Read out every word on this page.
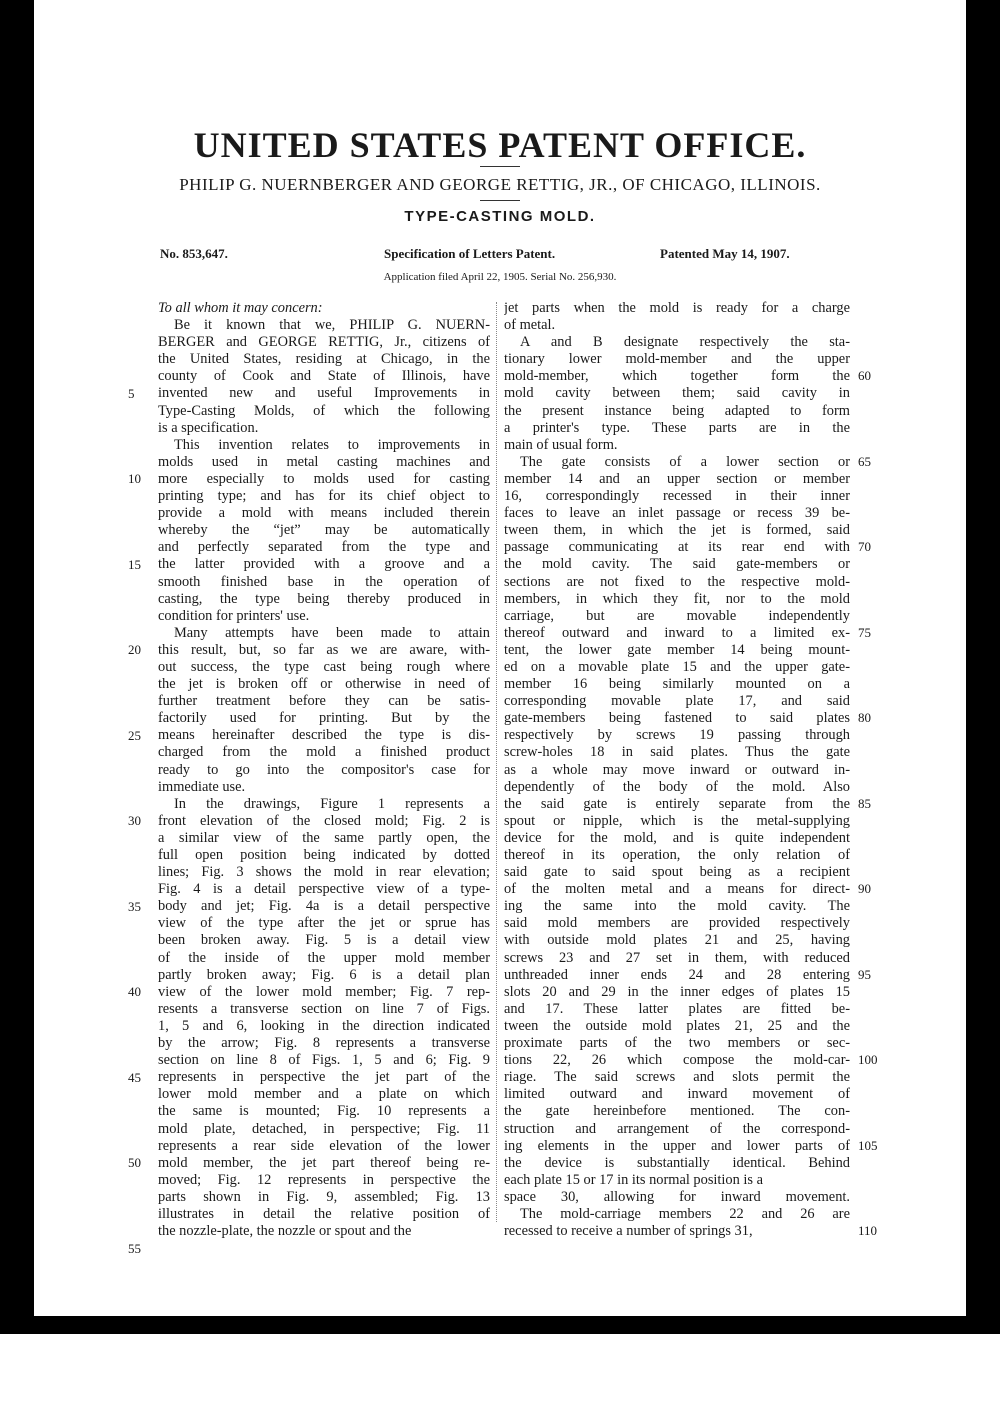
UNITED STATES PATENT OFFICE.
PHILIP G. NUERNBERGER AND GEORGE RETTIG, JR., OF CHICAGO, ILLINOIS.
TYPE-CASTING MOLD.
No. 853,647.	Specification of Letters Patent.	Patented May 14, 1907.
Application filed April 22, 1905. Serial No. 256,930.
To all whom it may concern:
Be it known that we, PHILIP G. NUERN-
BERGER and GEORGE RETTIG, Jr., citizens of
the United States, residing at Chicago, in the
county of Cook and State of Illinois, have
invented new and useful Improvements in
Type-Casting Molds, of which the following
is a specification.
This invention relates to improvements in
molds used in metal casting machines and
more especially to molds used for casting
printing type; and has for its chief object to
provide a mold with means included therein
whereby the “jet” may be automatically
and perfectly separated from the type and
the latter provided with a groove and a
smooth finished base in the operation of
casting, the type being thereby produced in
condition for printers' use.
Many attempts have been made to attain
this result, but, so far as we are aware, with-
out success, the type cast being rough where
the jet is broken off or otherwise in need of
further treatment before they can be satis-
factorily used for printing. But by the
means hereinafter described the type is dis-
charged from the mold a finished product
ready to go into the compositor's case for
immediate use.
In the drawings, Figure 1 represents a
front elevation of the closed mold; Fig. 2 is
a similar view of the same partly open, the
full open position being indicated by dotted
lines; Fig. 3 shows the mold in rear elevation;
Fig. 4 is a detail perspective view of a type-
body and jet; Fig. 4a is a detail perspective
view of the type after the jet or sprue has
been broken away. Fig. 5 is a detail view
of the inside of the upper mold member
partly broken away; Fig. 6 is a detail plan
view of the lower mold member; Fig. 7 rep-
resents a transverse section on line 7 of Figs.
1, 5 and 6, looking in the direction indicated
by the arrow; Fig. 8 represents a transverse
section on line 8 of Figs. 1, 5 and 6; Fig. 9
represents in perspective the jet part of the
lower mold member and a plate on which
the same is mounted; Fig. 10 represents a
mold plate, detached, in perspective; Fig. 11
represents a rear side elevation of the lower
mold member, the jet part thereof being re-
moved; Fig. 12 represents in perspective the
parts shown in Fig. 9, assembled; Fig. 13
illustrates in detail the relative position of
the nozzle-plate, the nozzle or spout and the
jet parts when the mold is ready for a charge
of metal.
A and B designate respectively the sta-
tionary lower mold-member and the upper
mold-member, which together form the
mold cavity between them; said cavity in
the present instance being adapted to form
a printer's type. These parts are in the
main of usual form.
The gate consists of a lower section or
member 14 and an upper section or member
16, correspondingly recessed in their inner
faces to leave an inlet passage or recess 39 be-
tween them, in which the jet is formed, said
passage communicating at its rear end with
the mold cavity. The said gate-members or
sections are not fixed to the respective mold-
members, in which they fit, nor to the mold
carriage, but are movable independently
thereof outward and inward to a limited ex-
tent, the lower gate member 14 being mount-
ed on a movable plate 15 and the upper gate-
member 16 being similarly mounted on a
corresponding movable plate 17, and said
gate-members being fastened to said plates
respectively by screws 19 passing through
screw-holes 18 in said plates. Thus the gate
as a whole may move inward or outward in-
dependently of the body of the mold. Also
the said gate is entirely separate from the
spout or nipple, which is the metal-supplying
device for the mold, and is quite independent
thereof in its operation, the only relation of
said gate to said spout being as a recipient
of the molten metal and a means for direct-
ing the same into the mold cavity. The
said mold members are provided respectively
with outside mold plates 21 and 25, having
screws 23 and 27 set in them, with reduced
unthreaded inner ends 24 and 28 entering
slots 20 and 29 in the inner edges of plates 15
and 17. These latter plates are fitted be-
tween the outside mold plates 21, 25 and the
proximate parts of the two members or sec-
tions 22, 26 which compose the mold-car-
riage. The said screws and slots permit the
limited outward and inward movement of
the gate hereinbefore mentioned. The con-
struction and arrangement of the correspond-
ing elements in the upper and lower parts of
the device is substantially identical. Behind
each plate 15 or 17 in its normal position is a
space 30, allowing for inward movement.
The mold-carriage members 22 and 26 are
recessed to receive a number of springs 31,
5
10
15
20
25
30
35
40
45
50
55
60
65
70
75
80
85
90
95
100
105
110
